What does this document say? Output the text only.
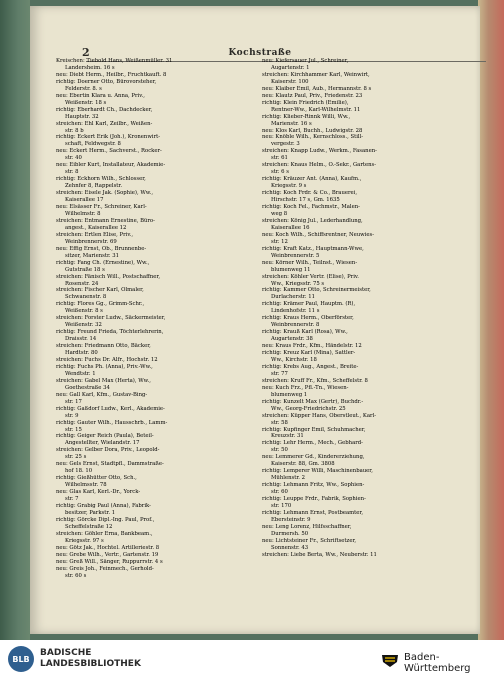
2	Kochstraße

Kreischen: Tiebold Hans, Weißenmüller. 31
Landersheim. 16 s

neu: Diebt Herm., Heilbr., Fruchtkauft. 8

richtig: Doerner Otto, Bürovorsteher,
Felderstr. 8. s

neu: Ebertin Klara u. Anna, Priv.,
Weißenstr. 18 s

richtig: Eberhardt Ch., Dachdecker,
Hauptstr. 32

streichen: Ehl Karl, Zeilbr., Weißen-
str. 8 b

richtig: Eckert Erik (Joh.), Kronenwirt-
schaft, Feldwegstr. 8

neu: Eckert Herm., Sachverst., Rocker-
str. 40

neu: Eibler Kurt, Installateur, Akademie-
str. 8

richtig: Eckhorn Wilh., Schlosser,
Zehnfer 8, Rappelstr.

streichen: Eisele Jak. (Sophie), Ww.,
Kaiserallee 17

neu: Elsässer Fr., Schreiner, Karl-
Wilhelmstr. 8

streichen: Entmann Ernestine, Büro-
angest., Kaiserallee 12

streichen: Ertlen Elise, Priv.,
Weinbrennerstr. 69

neu: Effig Ernst, Ob., Brunnenbe-
sitzer, Marienstr. 31

richtig: Fang Ch. (Ernestine), Ww.,
Gutstraße 18 s

streichen: Fänisch Will., Postschaffner,
Rosenstr. 24

streichen: Fischer Karl, Ölmaler,
Schwanenstr. 8

richtig: Flores Gg., Grimm-Schr.,
Weißenstr. 8 s

streichen: Forster Ludw., Säckermeister,
Weißenstr. 32

richtig: Freund Frieda, Töchterlehrerin,
Draisstr. 14

streichen: Friedmann Otto, Bäcker,
Hardtstr. 80

streichen: Fuchs Dr. Alfr., Hochstr. 12

richtig: Fuchs Ph. (Anna), Priv.-Ww.,
Wendtstr. 1

streichen: Gabel Max (Herta), Ww.,
Goethestraße 34

neu: Gall Karl, Kfm., Gustav-Bing-
str. 17

richtig: Gaßdorf Ludw., Kerl., Akademie-
str. 9

richtig: Gauter Wilh., Hausschrb., Lamm-
str. 15

richtig: Geiger Reich (Paula), Beteil-
Angestellter, Wielandstr. 17

streichen: Gelber Dora, Priv., Leopold-
str. 25 s

neu: Gels Ernst, Stadtpfl., Dammstraße-
hof 18. 10

richtig: Gießhütter Otto, Sch.,
Wilhelmsstr. 78

neu: Glas Karl, Kerl.-Dr., Yorck-
str. 7

richtig: Grabig Paul (Anna), Fabrik-
besitzer, Parkstr. 1

richtig: Görcke Dipl.-Ing. Paul, Prof.,
Scheffelstraße 12

streichen: Göhler Erna, Bankbeam.,
Kriegsstr. 97 s

neu: Götz Jak., Hochtel. Artilleriestr. 8

neu: Grebe Wilh., Vertr., Gartenstr. 19

neu: Greß Will., Sänger, Ruppurrstr. 4 s

neu: Greis Joh., Feinmech., Gerhold-
str. 60 s

neu: Kiefersauer Jul., Schreiner,
Augartenstr. 1

streichen: Kirchhammer Karl, Weinwirt,
Kaiserstr. 100

neu: Klaiber Emil, Aub., Hermannstr. 8 s

neu: Klautz Paul, Priv., Friedenstr. 23

richtig: Klein Friedrich (Emilie),
Rentner-Ww., Karl-Wilhelmstr. 11

richtig: Klieber-Rinnk Willi, Ww.,
Marienstr. 16 s

neu: Klos Karl, Buchh., Ludwigstr. 28

neu: Knöble Wilh., Kernschloss., Still-
vergestr. 3

streichen: Knapp Ludw., Werkm., Fasanen-
str. 61

streichen: Knaus Helm., O.-Sekr., Gartens-
str. 6 s

richtig: Kräuzer Ant. (Anna), Kaufm.,
Kriegsstr. 9 s

richtig: Koch Frdr. & Co., Brauerei,
Hirschstr. 17 s, Gm. 1635

richtig: Koch Fel., Fachmstr., Malen-
weg 8

streichen: König Jul., Lederhandlung,
Kaiserallee 16

neu: Koch Wilh., Schiffsrentner, Neuwies-
str. 12

richtig: Kraft Katz., Hauptmann-Wwe,
Weinbrennerstr. 5

neu: Körner Wilh., Teilnst., Wiesen-
blumenweg 11

streichen: Köhler Vertr. (Elise), Priv.
Ww., Kriegsstr. 75 s

richtig: Kammer Otto, Schreinermeister,
Durlacherstr. 11

richtig: Krämer Paul, Hauptm. (R),
Lindenhofstr. 11 s

richtig: Kraus Herm., Oberförster,
Weinbrennerstr. 8

richtig: Krauß Karl (Rosa), Ww.,
Augartenstr. 38

neu: Kraus Frdr., Kfm., Händelstr. 12

richtig: Kreuz Karl (Mina), Sattler-
Ww., Kirchstr. 18

richtig: Krebs Aug., Angest., Breite-
str. 77

streichen: Kruff Fr., Kfm., Scheffelstr. 8

neu: Kuch Frz., Pfl.-Tn., Wiesen-
blumenweg 1

richtig: Kunzelt Max (Gertr), Buchdr.-
Ww., Georg-Friedrichstr. 25

streichen: Küpper Hans, Oberstleut., Karl-
str. 58

richtig: Kupfinger Emil, Schuhmacher,
Kreuzstr. 31

richtig: Lehr Herm., Mech., Gebhard-
str. 50

neu: Lemmerer Gd., Kindererziehung,
Kaiserstr. 88, Gm. 3808

richtig: Lemperer Willi, Maschinenbauer,
Mühlenstr. 2

richtig: Lehmann Fritz, Ww., Sophien-
str. 60

richtig: Leuppe Frdr., Fabrik, Sophien-
str. 170

richtig: Lehmann Ernst, Postbeamter,
Ebersteinstr. 9

neu: Leng Lorenz, Hilfsschaffner,
Durmersh. 50

neu: Lichtsteiner Fr., Schriftsetzer,
Sonnenstr. 43

streichen: Liebe Berta, Ww., Neuberstr. 11

BLB
BADISCHE
LANDESBIBLIOTHEK
Baden-Württemberg
